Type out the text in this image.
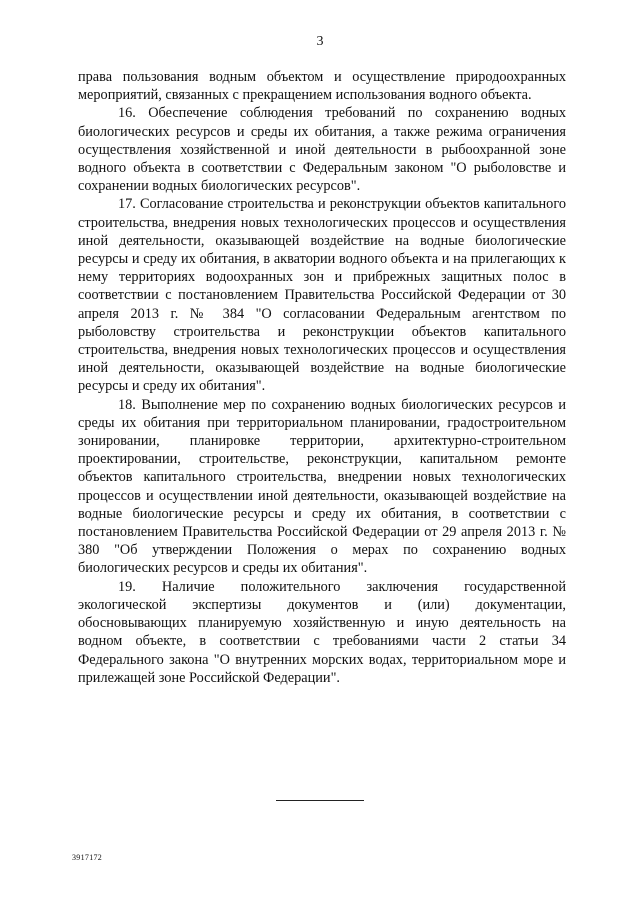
3

права пользования водным объектом и осуществление природоохранных мероприятий, связанных с прекращением использования водного объекта.

16. Обеспечение соблюдения требований по сохранению водных биологических ресурсов и среды их обитания, а также режима ограничения осуществления хозяйственной и иной деятельности в рыбоохранной зоне водного объекта в соответствии с Федеральным законом "О рыболовстве и сохранении водных биологических ресурсов".

17. Согласование строительства и реконструкции объектов капитального строительства, внедрения новых технологических процессов и осуществления иной деятельности, оказывающей воздействие на водные биологические ресурсы и среду их обитания, в акватории водного объекта и на прилегающих к нему территориях водоохранных зон и прибрежных защитных полос в соответствии с постановлением Правительства Российской Федерации от 30 апреля 2013 г. № 384 "О согласовании Федеральным агентством по рыболовству строительства и реконструкции объектов капитального строительства, внедрения новых технологических процессов и осуществления иной деятельности, оказывающей воздействие на водные биологические ресурсы и среду их обитания".

18. Выполнение мер по сохранению водных биологических ресурсов и среды их обитания при территориальном планировании, градостроительном зонировании, планировке территории, архитектурно-строительном проектировании, строительстве, реконструкции, капитальном ремонте объектов капитального строительства, внедрении новых технологических процессов и осуществлении иной деятельности, оказывающей воздействие на водные биологические ресурсы и среду их обитания, в соответствии с постановлением Правительства Российской Федерации от 29 апреля 2013 г. № 380 "Об утверждении Положения о мерах по сохранению водных биологических ресурсов и среды их обитания".

19. Наличие положительного заключения государственной экологической экспертизы документов и (или) документации, обосновывающих планируемую хозяйственную и иную деятельность на водном объекте, в соответствии с требованиями части 2 статьи 34 Федерального закона "О внутренних морских водах, территориальном море и прилежащей зоне Российской Федерации".

3917172
